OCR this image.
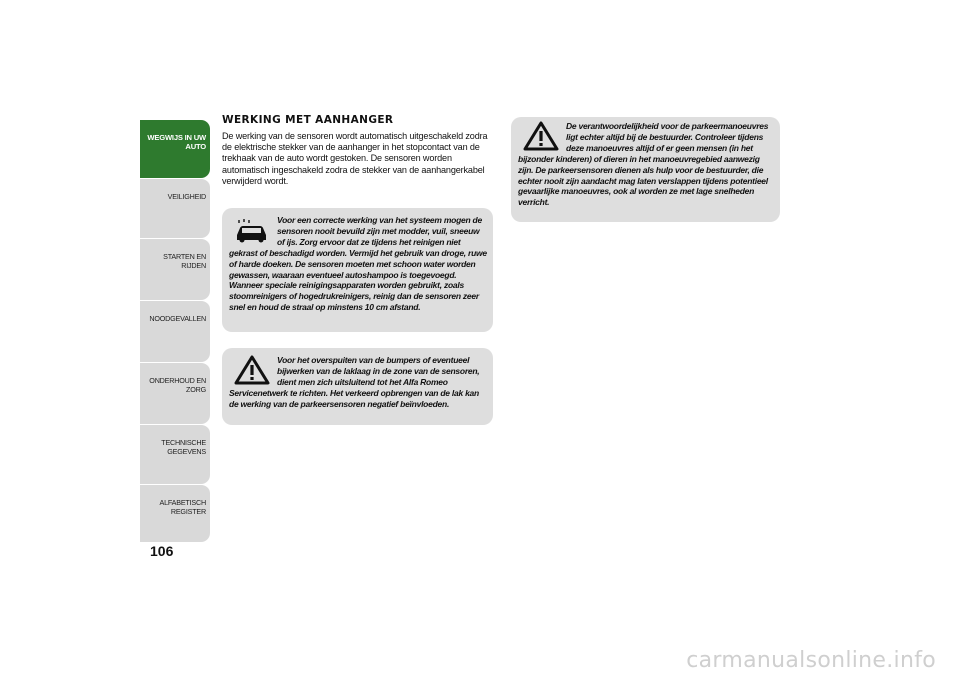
WEGWIJS IN UW AUTO
VEILIGHEID
STARTEN EN RIJDEN
NOODGEVALLEN
ONDERHOUD EN ZORG
TECHNISCHE GEGEVENS
ALFABETISCH REGISTER
106
WERKING MET AANHANGER
De werking van de sensoren wordt automatisch uitgeschakeld zodra de elektrische stekker van de aanhanger in het stopcontact van de trekhaak van de auto wordt gestoken. De sensoren worden automatisch ingeschakeld zodra de stekker van de aanhangerkabel verwijderd wordt.

Voor een correcte werking van het systeem mogen de sensoren nooit bevuild zijn met modder, vuil, sneeuw of ijs. Zorg ervoor dat ze tijdens het reinigen niet gekrast of beschadigd worden. Vermijd het gebruik van droge, ruwe of harde doeken. De sensoren moeten met schoon water worden gewassen, waaraan eventueel autoshampoo is toegevoegd. Wanneer speciale reinigingsapparaten worden gebruikt, zoals stoomreinigers of hogedrukreinigers, reinig dan de sensoren zeer snel en houd de straal op minstens 10 cm afstand.

Voor het overspuiten van de bumpers of eventueel bijwerken van de laklaag in de zone van de sensoren, dient men zich uitsluitend tot het Alfa Romeo Servicenetwerk te richten. Het verkeerd opbrengen van de lak kan de werking van de parkeersensoren negatief beïnvloeden.

De verantwoordelijkheid voor de parkeermanoeuvres ligt echter altijd bij de bestuurder. Controleer tijdens deze manoeuvres altijd of er geen mensen (in het bijzonder kinderen) of dieren in het manoeuvregebied aanwezig zijn. De parkeersensoren dienen als hulp voor de bestuurder, die echter nooit zijn aandacht mag laten verslappen tijdens potentieel gevaarlijke manoeuvres, ook al worden ze met lage snelheden verricht.

carmanualsonline.info
